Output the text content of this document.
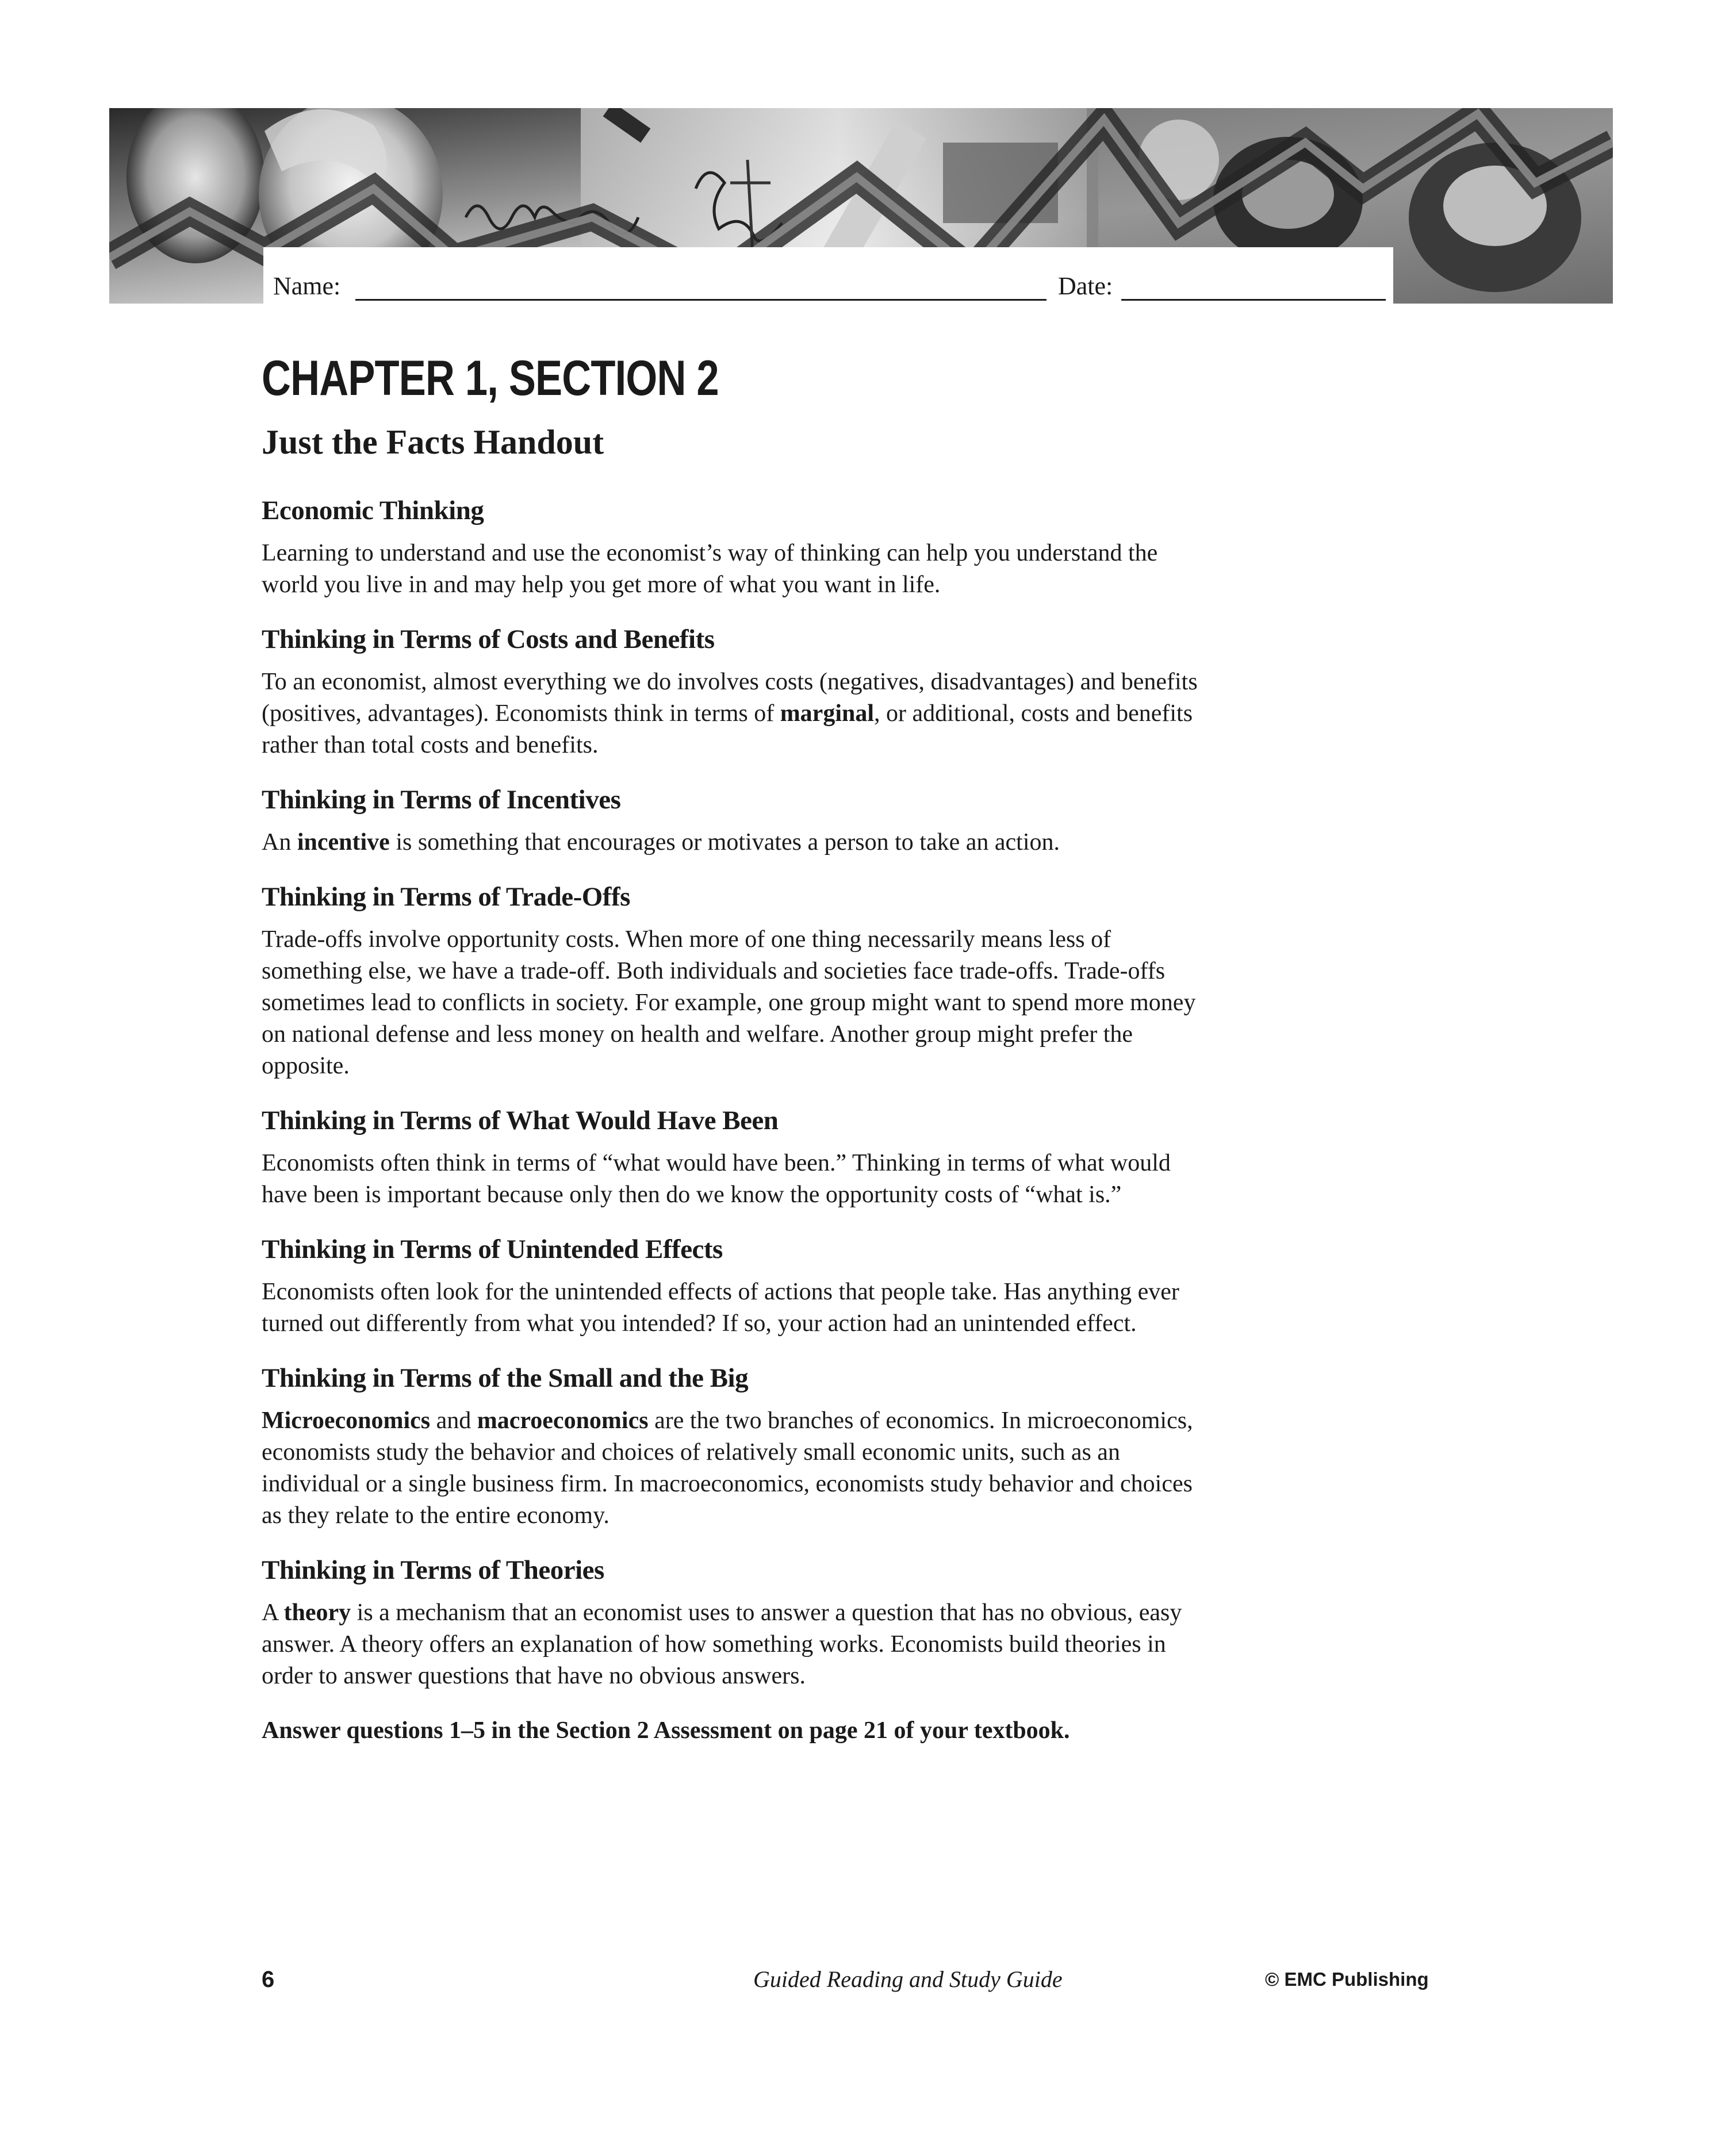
Name:	Date:
CHAPTER 1, SECTION 2
Just the Facts Handout
Economic Thinking

Learning to understand and use the economist’s way of thinking can help you understand the world you live in and may help you get more of what you want in life.

Thinking in Terms of Costs and Benefits

To an economist, almost everything we do involves costs (negatives, disadvantages) and benefits (positives, advantages). Economists think in terms of marginal, or additional, costs and benefits rather than total costs and benefits.

Thinking in Terms of Incentives

An incentive is something that encourages or motivates a person to take an action.

Thinking in Terms of Trade-Offs

Trade-offs involve opportunity costs. When more of one thing necessarily means less of something else, we have a trade-off. Both individuals and societies face trade-offs. Trade-offs sometimes lead to conflicts in society. For example, one group might want to spend more money on national defense and less money on health and welfare. Another group might prefer the opposite.

Thinking in Terms of What Would Have Been

Economists often think in terms of “what would have been.” Thinking in terms of what would have been is important because only then do we know the opportunity costs of “what is.”

Thinking in Terms of Unintended Effects

Economists often look for the unintended effects of actions that people take. Has anything ever turned out differently from what you intended? If so, your action had an unintended effect.

Thinking in Terms of the Small and the Big

Microeconomics and macroeconomics are the two branches of economics. In microeconomics, economists study the behavior and choices of relatively small economic units, such as an individual or a single business firm. In macroeconomics, economists study behavior and choices as they relate to the entire economy.

Thinking in Terms of Theories

A theory is a mechanism that an economist uses to answer a question that has no obvious, easy answer. A theory offers an explanation of how something works. Economists build theories in order to answer questions that have no obvious answers.

Answer questions 1–5 in the Section 2 Assessment on page 21 of your textbook.

6	Guided Reading and Study Guide	© EMC Publishing
